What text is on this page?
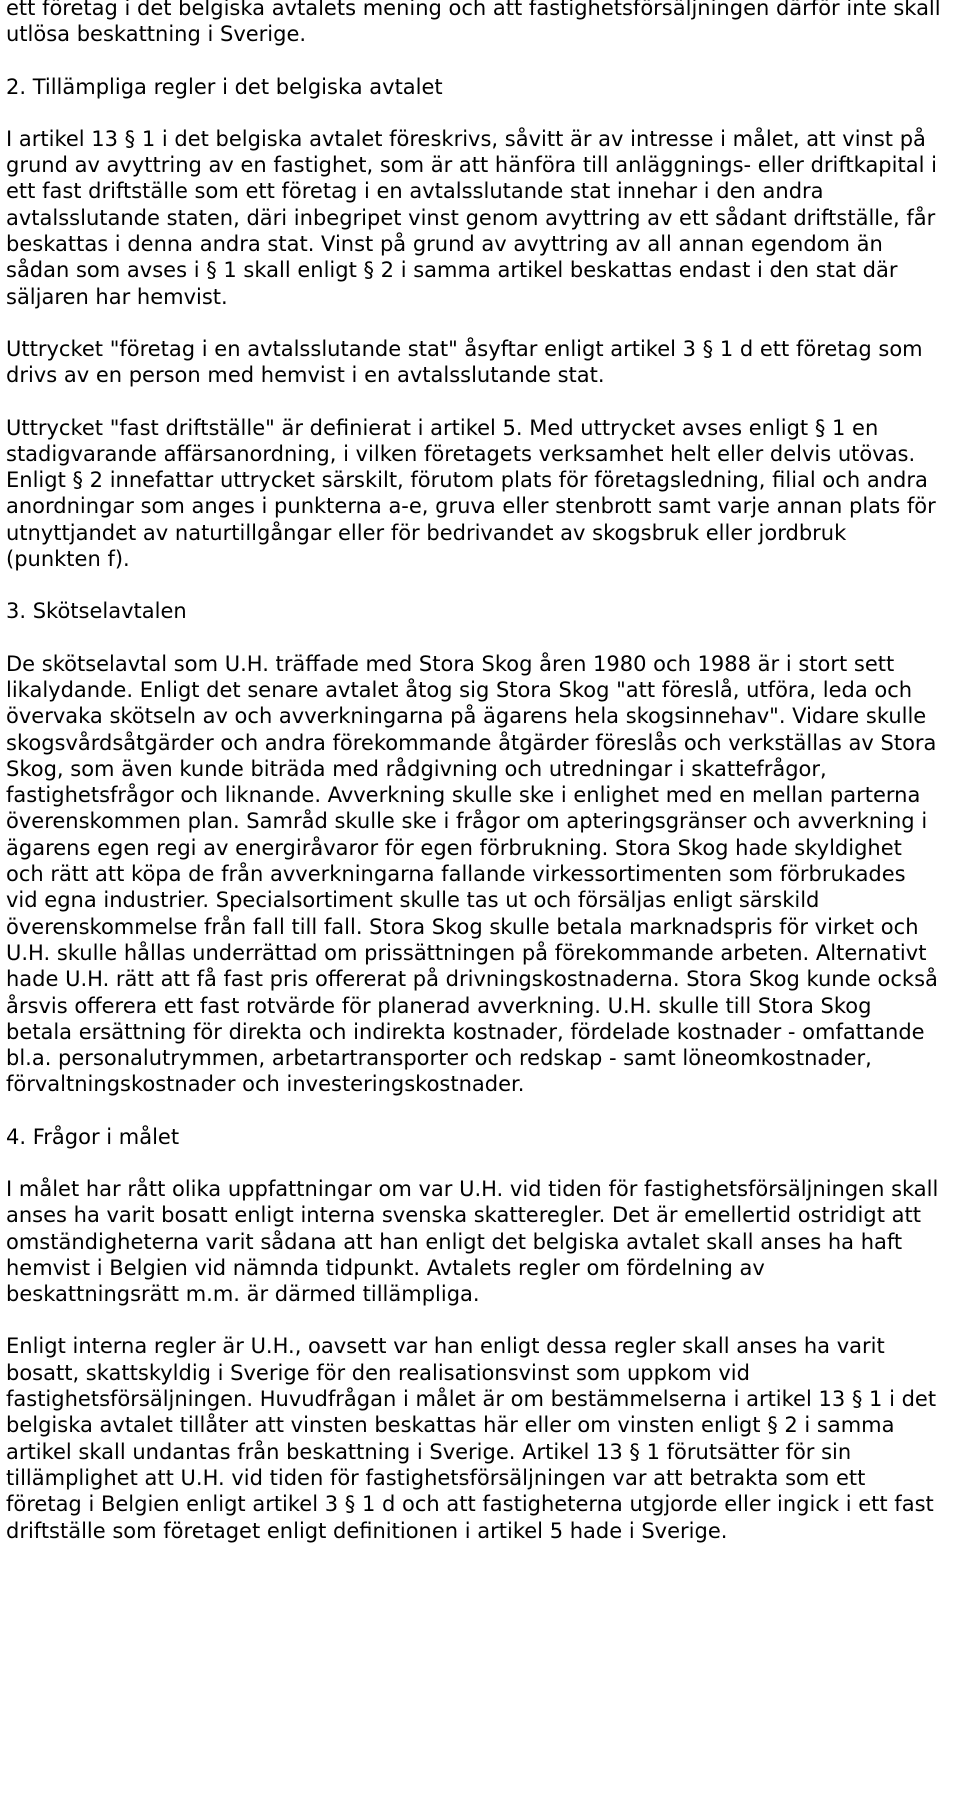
ett företag i det belgiska avtalets mening och att fastighetsförsäljningen därför inte skall utlösa beskattning i Sverige.

2. Tillämpliga regler i det belgiska avtalet

I artikel 13 § 1 i det belgiska avtalet föreskrivs, såvitt är av intresse i målet, att vinst på grund av avyttring av en fastighet, som är att hänföra till anläggnings- eller driftkapital i ett fast driftställe som ett företag i en avtalsslutande stat innehar i den andra avtalsslutande staten, däri inbegripet vinst genom avyttring av ett sådant driftställe, får beskattas i denna andra stat. Vinst på grund av avyttring av all annan egendom än sådan som avses i § 1 skall enligt § 2 i samma artikel beskattas endast i den stat där säljaren har hemvist.

Uttrycket "företag i en avtalsslutande stat" åsyftar enligt artikel 3 § 1 d ett företag som drivs av en person med hemvist i en avtalsslutande stat.

Uttrycket "fast driftställe" är definierat i artikel 5. Med uttrycket avses enligt § 1 en stadigvarande affärsanordning, i vilken företagets verksamhet helt eller delvis utövas. Enligt § 2 innefattar uttrycket särskilt, förutom plats för företagsledning, filial och andra anordningar som anges i punkterna a-e, gruva eller stenbrott samt varje annan plats för utnyttjandet av naturtillgångar eller för bedrivandet av skogsbruk eller jordbruk (punkten f).

3. Skötselavtalen

De skötselavtal som U.H. träffade med Stora Skog åren 1980 och 1988 är i stort sett likalydande. Enligt det senare avtalet åtog sig Stora Skog "att föreslå, utföra, leda och övervaka skötseln av och avverkningarna på ägarens hela skogsinnehav". Vidare skulle skogsvårdsåtgärder och andra förekommande åtgärder föreslås och verkställas av Stora Skog, som även kunde biträda med rådgivning och utredningar i skattefrågor, fastighetsfrågor och liknande. Avverkning skulle ske i enlighet med en mellan parterna överenskommen plan. Samråd skulle ske i frågor om apteringsgränser och avverkning i ägarens egen regi av energiråvaror för egen förbrukning. Stora Skog hade skyldighet och rätt att köpa de från avverkningarna fallande virkessortimenten som förbrukades vid egna industrier. Specialsortiment skulle tas ut och försäljas enligt särskild överenskommelse från fall till fall. Stora Skog skulle betala marknadspris för virket och U.H. skulle hållas underrättad om prissättningen på förekommande arbeten. Alternativt hade U.H. rätt att få fast pris offererat på drivningskostnaderna. Stora Skog kunde också årsvis offerera ett fast rotvärde för planerad avverkning. U.H. skulle till Stora Skog betala ersättning för direkta och indirekta kostnader, fördelade kostnader - omfattande bl.a. personalutrymmen, arbetartransporter och redskap - samt löneomkostnader, förvaltningskostnader och investeringskostnader.

4. Frågor i målet

I målet har rått olika uppfattningar om var U.H. vid tiden för fastighetsförsäljningen skall anses ha varit bosatt enligt interna svenska skatteregler. Det är emellertid ostridigt att omständigheterna varit sådana att han enligt det belgiska avtalet skall anses ha haft hemvist i Belgien vid nämnda tidpunkt. Avtalets regler om fördelning av beskattningsrätt m.m. är därmed tillämpliga.

Enligt interna regler är U.H., oavsett var han enligt dessa regler skall anses ha varit bosatt, skattskyldig i Sverige för den realisationsvinst som uppkom vid fastighetsförsäljningen. Huvudfrågan i målet är om bestämmelserna i artikel 13 § 1 i det belgiska avtalet tillåter att vinsten beskattas här eller om vinsten enligt § 2 i samma artikel skall undantas från beskattning i Sverige. Artikel 13 § 1 förutsätter för sin tillämplighet att U.H. vid tiden för fastighetsförsäljningen var att betrakta som ett företag i Belgien enligt artikel 3 § 1 d och att fastigheterna utgjorde eller ingick i ett fast driftställe som företaget enligt definitionen i artikel 5 hade i Sverige.
